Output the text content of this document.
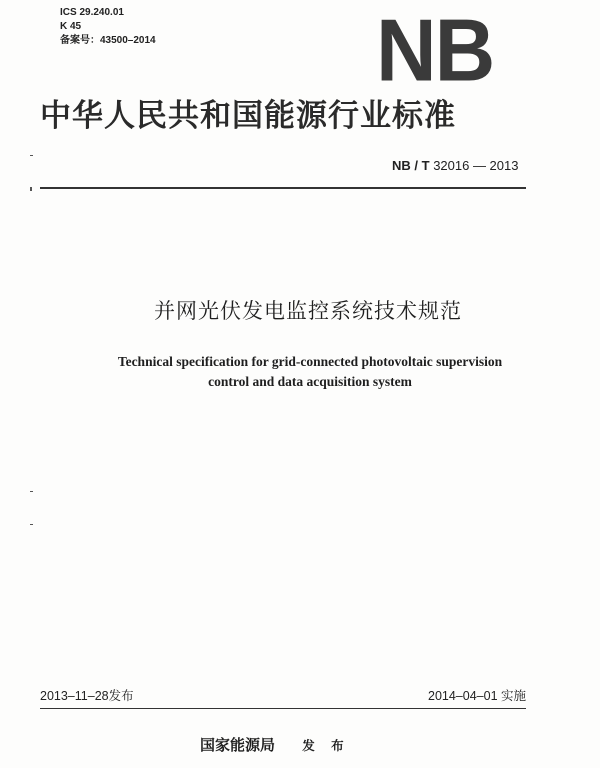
ICS 29.240.01
K 45
备案号：43500–2014	NB
中华人民共和国能源行业标准
NB / T 32016 — 2013
并网光伏发电监控系统技术规范
Technical specification for grid-connected photovoltaic supervision
control and data acquisition system
2013–11–28发布	2014–04–01 实施
国家能源局 发 布
